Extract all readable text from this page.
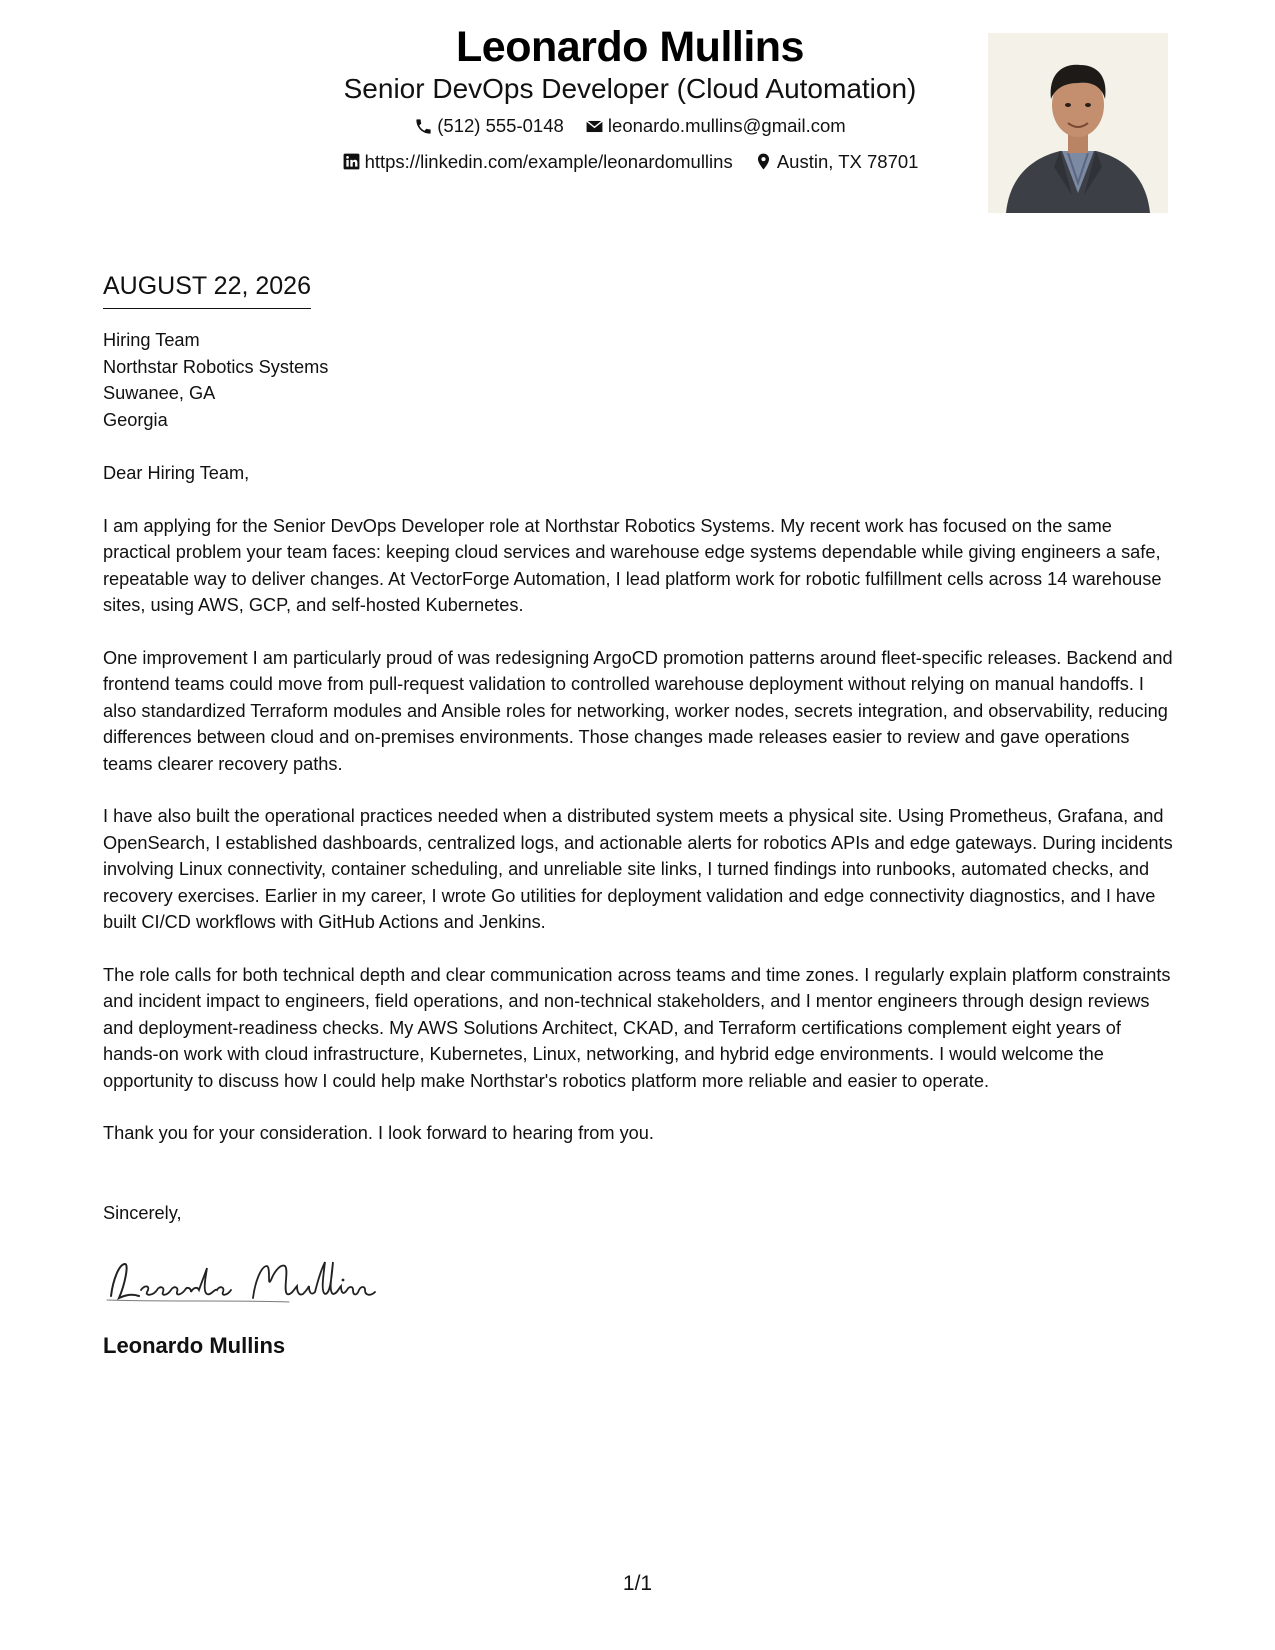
Leonardo Mullins
Senior DevOps Developer (Cloud Automation)
(512) 555-0148
leonardo.mullins@gmail.com
https://linkedin.com/example/leonardomullins
Austin, TX 78701
AUGUST 22, 2026

Hiring Team

Northstar Robotics Systems

Suwanee, GA

Georgia

Dear Hiring Team,

I am applying for the Senior DevOps Developer role at Northstar Robotics Systems. My recent work has focused on the same practical problem your team faces: keeping cloud services and warehouse edge systems dependable while giving engineers a safe, repeatable way to deliver changes. At VectorForge Automation, I lead platform work for robotic fulfillment cells across 14 warehouse sites, using AWS, GCP, and self-hosted Kubernetes.

One improvement I am particularly proud of was redesigning ArgoCD promotion patterns around fleet-specific releases. Backend and frontend teams could move from pull-request validation to controlled warehouse deployment without relying on manual handoffs. I also standardized Terraform modules and Ansible roles for networking, worker nodes, secrets integration, and observability, reducing differences between cloud and on-premises environments. Those changes made releases easier to review and gave operations teams clearer recovery paths.

I have also built the operational practices needed when a distributed system meets a physical site. Using Prometheus, Grafana, and OpenSearch, I established dashboards, centralized logs, and actionable alerts for robotics APIs and edge gateways. During incidents involving Linux connectivity, container scheduling, and unreliable site links, I turned findings into runbooks, automated checks, and recovery exercises. Earlier in my career, I wrote Go utilities for deployment validation and edge connectivity diagnostics, and I have built CI/CD workflows with GitHub Actions and Jenkins.

The role calls for both technical depth and clear communication across teams and time zones. I regularly explain platform constraints and incident impact to engineers, field operations, and non-technical stakeholders, and I mentor engineers through design reviews and deployment-readiness checks. My AWS Solutions Architect, CKAD, and Terraform certifications complement eight years of hands-on work with cloud infrastructure, Kubernetes, Linux, networking, and hybrid edge environments. I would welcome the opportunity to discuss how I could help make Northstar's robotics platform more reliable and easier to operate.

Thank you for your consideration. I look forward to hearing from you.

Sincerely,

Leonardo Mullins
1/1
